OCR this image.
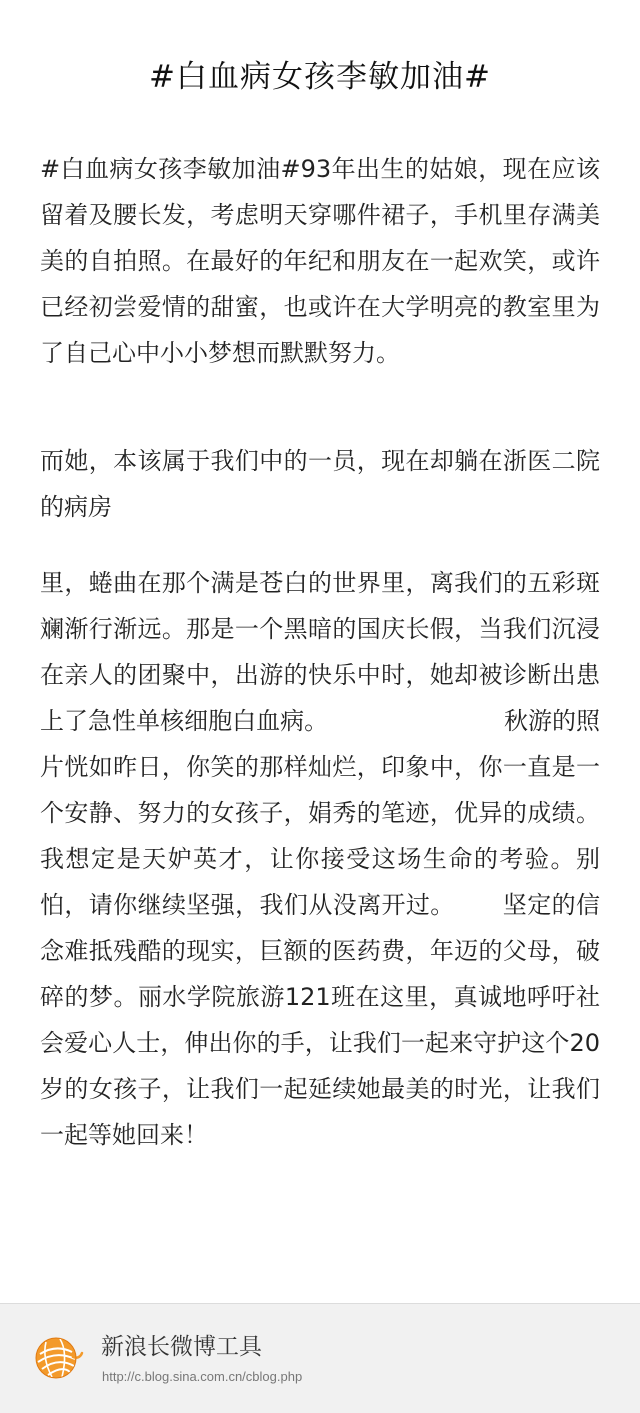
#白血病女孩李敏加油#

#白血病女孩李敏加油#93年出生的姑娘，现在应该留着及腰长发，考虑明天穿哪件裙子，手机里存满美美的自拍照。在最好的年纪和朋友在一起欢笑，或许已经初尝爱情的甜蜜，也或许在大学明亮的教室里为了自己心中小小梦想而默默努力。

而她，本该属于我们中的一员，现在却躺在浙医二院的病房

里，蜷曲在那个满是苍白的世界里，离我们的五彩斑斓渐行渐远。那是一个黑暗的国庆长假，当我们沉浸在亲人的团聚中，出游的快乐中时，她却被诊断出患上了急性单核细胞白血病。                       秋游的照片恍如昨日，你笑的那样灿烂，印象中，你一直是一个安静、努力的女孩子，娟秀的笔迹，优异的成绩。我想定是天妒英才，让你接受这场生命的考验。别怕，请你继续坚强，我们从没离开过。      坚定的信念难抵残酷的现实，巨额的医药费，年迈的父母，破碎的梦。丽水学院旅游121班在这里，真诚地呼吁社会爱心人士，伸出你的手，让我们一起来守护这个20岁的女孩子，让我们一起延续她最美的时光，让我们一起等她回来！

新浪长微博工具
http://c.blog.sina.com.cn/cblog.php
